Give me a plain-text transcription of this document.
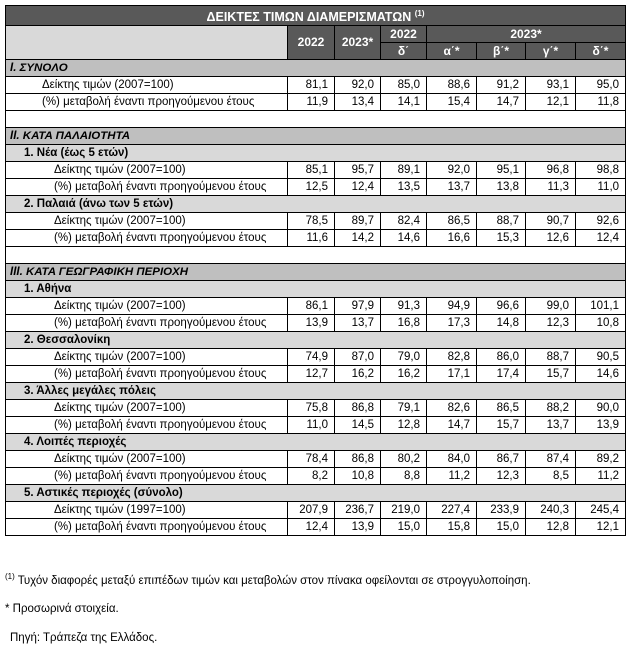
ΔΕΙΚΤΕΣ ΤΙΜΩΝ ΔΙΑΜΕΡΙΣΜΑΤΩΝ $^{(1)}$
	2022	2023*	2022	2023*			
			δ΄	α΄*	β΄*	γ΄*	δ΄*
I. ΣΥΝΟΛΟ							
Δείκτης τιμών (2007=100)	81,1	92,0	85,0	88,6	91,2	93,1	95,0
(%) μεταβολή έναντι προηγούμενου έτους	11,9	13,4	14,1	15,4	14,7	12,1	11,8

II. ΚΑΤΑ ΠΑΛΑΙΟΤΗΤΑ							
1. Νέα (έως 5 ετών)							
Δείκτης τιμών (2007=100)	85,1	95,7	89,1	92,0	95,1	96,8	98,8
(%) μεταβολή έναντι προηγούμενου έτους	12,5	12,4	13,5	13,7	13,8	11,3	11,0
2. Παλαιά (άνω των 5 ετών)							
Δείκτης τιμών (2007=100)	78,5	89,7	82,4	86,5	88,7	90,7	92,6
(%) μεταβολή έναντι προηγούμενου έτους	11,6	14,2	14,6	16,6	15,3	12,6	12,4

III. ΚΑΤΑ ΓΕΩΓΡΑΦΙΚΗ ΠΕΡΙΟΧΗ							
1. Αθήνα							
Δείκτης τιμών (2007=100)	86,1	97,9	91,3	94,9	96,6	99,0	101,1
(%) μεταβολή έναντι προηγούμενου έτους	13,9	13,7	16,8	17,3	14,8	12,3	10,8
2. Θεσσαλονίκη							
Δείκτης τιμών (2007=100)	74,9	87,0	79,0	82,8	86,0	88,7	90,5
(%) μεταβολή έναντι προηγούμενου έτους	12,7	16,2	16,2	17,1	17,4	15,7	14,6
3. Άλλες μεγάλες πόλεις							
Δείκτης τιμών (2007=100)	75,8	86,8	79,1	82,6	86,5	88,2	90,0
(%) μεταβολή έναντι προηγούμενου έτους	11,0	14,5	12,8	14,7	15,7	13,7	13,9
4. Λοιπές περιοχές							
Δείκτης τιμών (2007=100)	78,4	86,8	80,2	84,0	86,7	87,4	89,2
(%) μεταβολή έναντι προηγούμενου έτους	8,2	10,8	8,8	11,2	12,3	8,5	11,2
5. Αστικές περιοχές (σύνολο)							
Δείκτης τιμών (1997=100)	207,9	236,7	219,0	227,4	233,9	240,3	245,4
(%) μεταβολή έναντι προηγούμενου έτους	12,4	13,9	15,0	15,8	15,0	12,8	12,1
$^{(1)}$ Τυχόν διαφορές μεταξύ επιπέδων τιμών και μεταβολών στον πίνακα οφείλονται σε στρογγυλοποίηση.
* Προσωρινά στοιχεία.
Πηγή: Τράπεζα της Ελλάδος.
